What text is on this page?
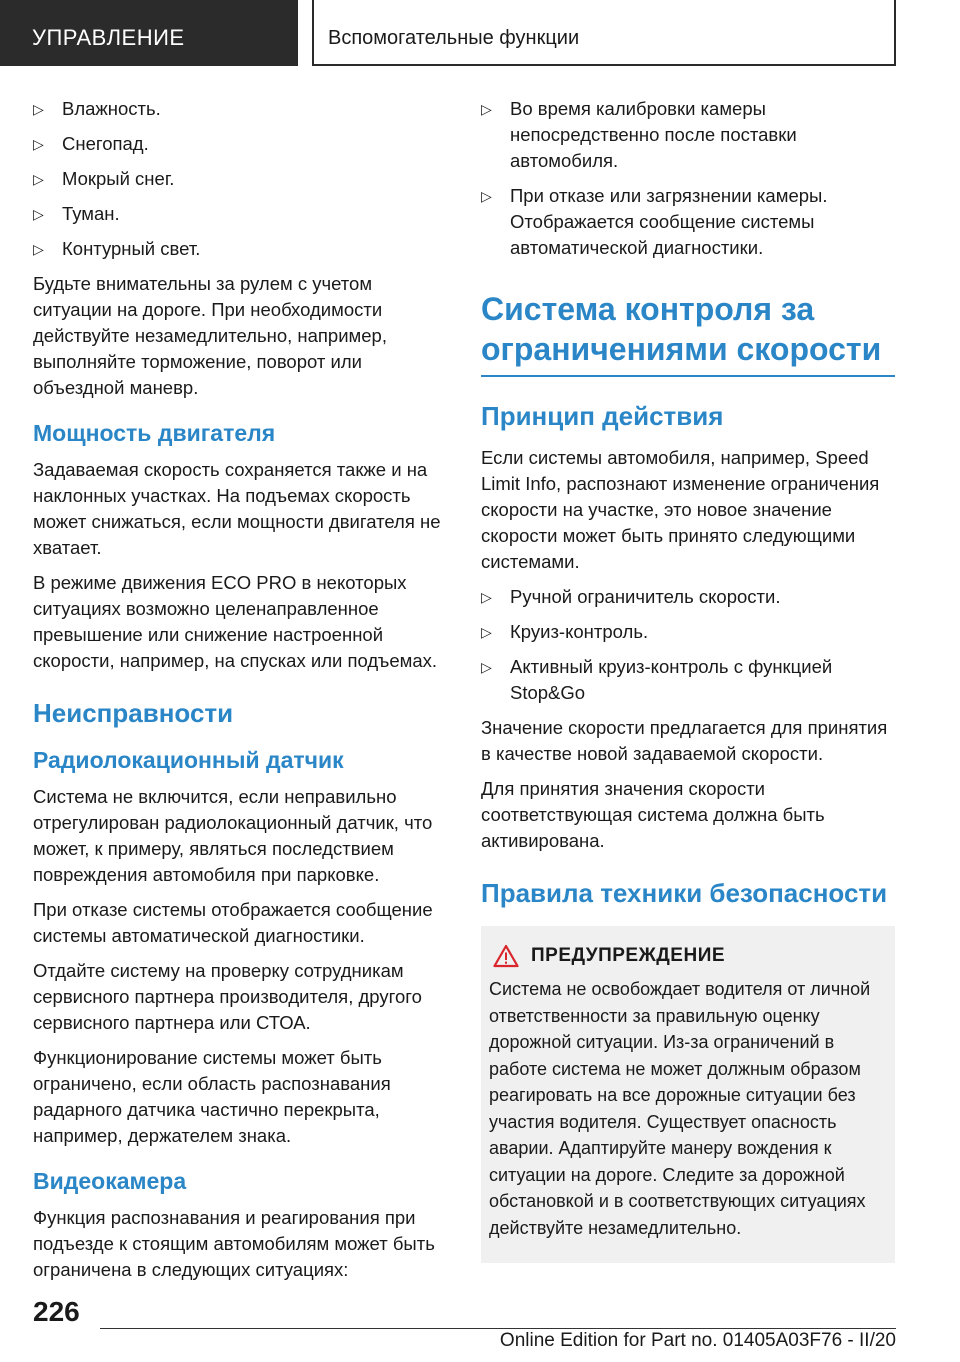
УПРАВЛЕНИЕ	Вспомогательные функции
▷ Влажность.
▷ Снегопад.
▷ Мокрый снег.
▷ Туман.
▷ Контурный свет.

Будьте внимательны за рулем с учетом ситуации на дороге. При необходимости действуйте незамедлительно, например, выполняйте торможение, поворот или объездной маневр.

Мощность двигателя

Задаваемая скорость сохраняется также и на наклонных участках. На подъемах скорость может снижаться, если мощности двигателя не хватает.

В режиме движения ECO PRO в некоторых ситуациях возможно целенаправленное превышение или снижение настроенной скорости, например, на спусках или подъемах.

Неисправности
Радиолокационный датчик

Система не включится, если неправильно отрегулирован радиолокационный датчик, что может, к примеру, являться последствием повреждения автомобиля при парковке.

При отказе системы отображается сообщение системы автоматической диагностики.

Отдайте систему на проверку сотрудникам сервисного партнера производителя, другого сервисного партнера или СТОА.

Функционирование системы может быть ограничено, если область распознавания радарного датчика частично перекрыта, например, держателем знака.

Видеокамера

Функция распознавания и реагирования при подъезде к стоящим автомобилям может быть ограничена в следующих ситуациях:

▷ Во время калибровки камеры непосредственно после поставки автомобиля.
▷ При отказе или загрязнении камеры. Отображается сообщение системы автоматической диагностики.
Система контроля за ограничениями скорости
Принцип действия

Если системы автомобиля, например, Speed Limit Info, распознают изменение ограничения скорости на участке, это новое значение скорости может быть принято следующими системами.

▷ Ручной ограничитель скорости.
▷ Круиз-контроль.
▷ Активный круиз-контроль с функцией Stop&Go

Значение скорости предлагается для принятия в качестве новой задаваемой скорости.

Для принятия значения скорости соответствующая система должна быть активирована.

Правила техники безопасности
ПРЕДУПРЕЖДЕНИЕ

Система не освобождает водителя от личной ответственности за правильную оценку дорожной ситуации. Из-за ограничений в работе система не может должным образом реагировать на все дорожные ситуации без участия водителя. Существует опасность аварии. Адаптируйте манеру вождения к ситуации на дороге. Следите за дорожной обстановкой и в соответствующих ситуациях действуйте незамедлительно.

226
Online Edition for Part no. 01405A03F76 - II/20
